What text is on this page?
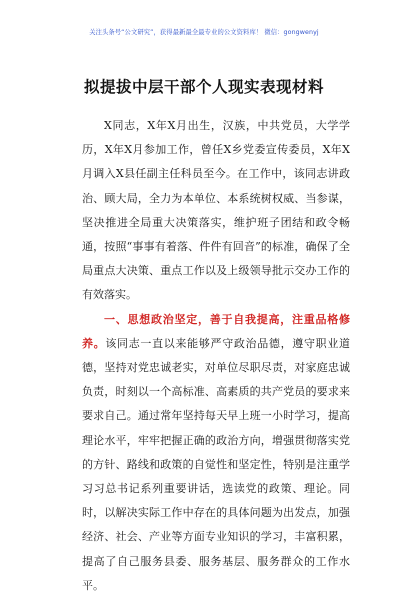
关注头条号“公文研究”，获得最新最全最专业的公文资料库！ 微信：gongwenyj
拟提拔中层干部个人现实表现材料

X同志，X年X月出生，汉族，中共党员，大学学历，X年X月参加工作，曾任X乡党委宣传委员，X年X月调入X县任副主任科员至今。在工作中，该同志讲政治、顾大局，全力为本单位、本系统树权威、当参谋，坚决推进全局重大决策落实，维护班子团结和政令畅通，按照“事事有着落、件件有回音”的标准，确保了全局重点大决策、重点工作以及上级领导批示交办工作的有效落实。

一、思想政治坚定，善于自我提高，注重品格修养。该同志一直以来能够严守政治品德，遵守职业道德，坚持对党忠诚老实，对单位尽职尽责，对家庭忠诚负责，时刻以一个高标准、高素质的共产党员的要求来要求自己。通过常年坚持每天早上班一小时学习，提高理论水平，牢牢把握正确的政治方向，增强贯彻落实党的方针、路线和政策的自觉性和坚定性，特别是注重学习习总书记系列重要讲话，选读党的政策、理论。同时，以解决实际工作中存在的具体问题为出发点，加强经济、社会、产业等方面专业知识的学习，丰富积累，提高了自己服务县委、服务基层、服务群众的工作水平。
